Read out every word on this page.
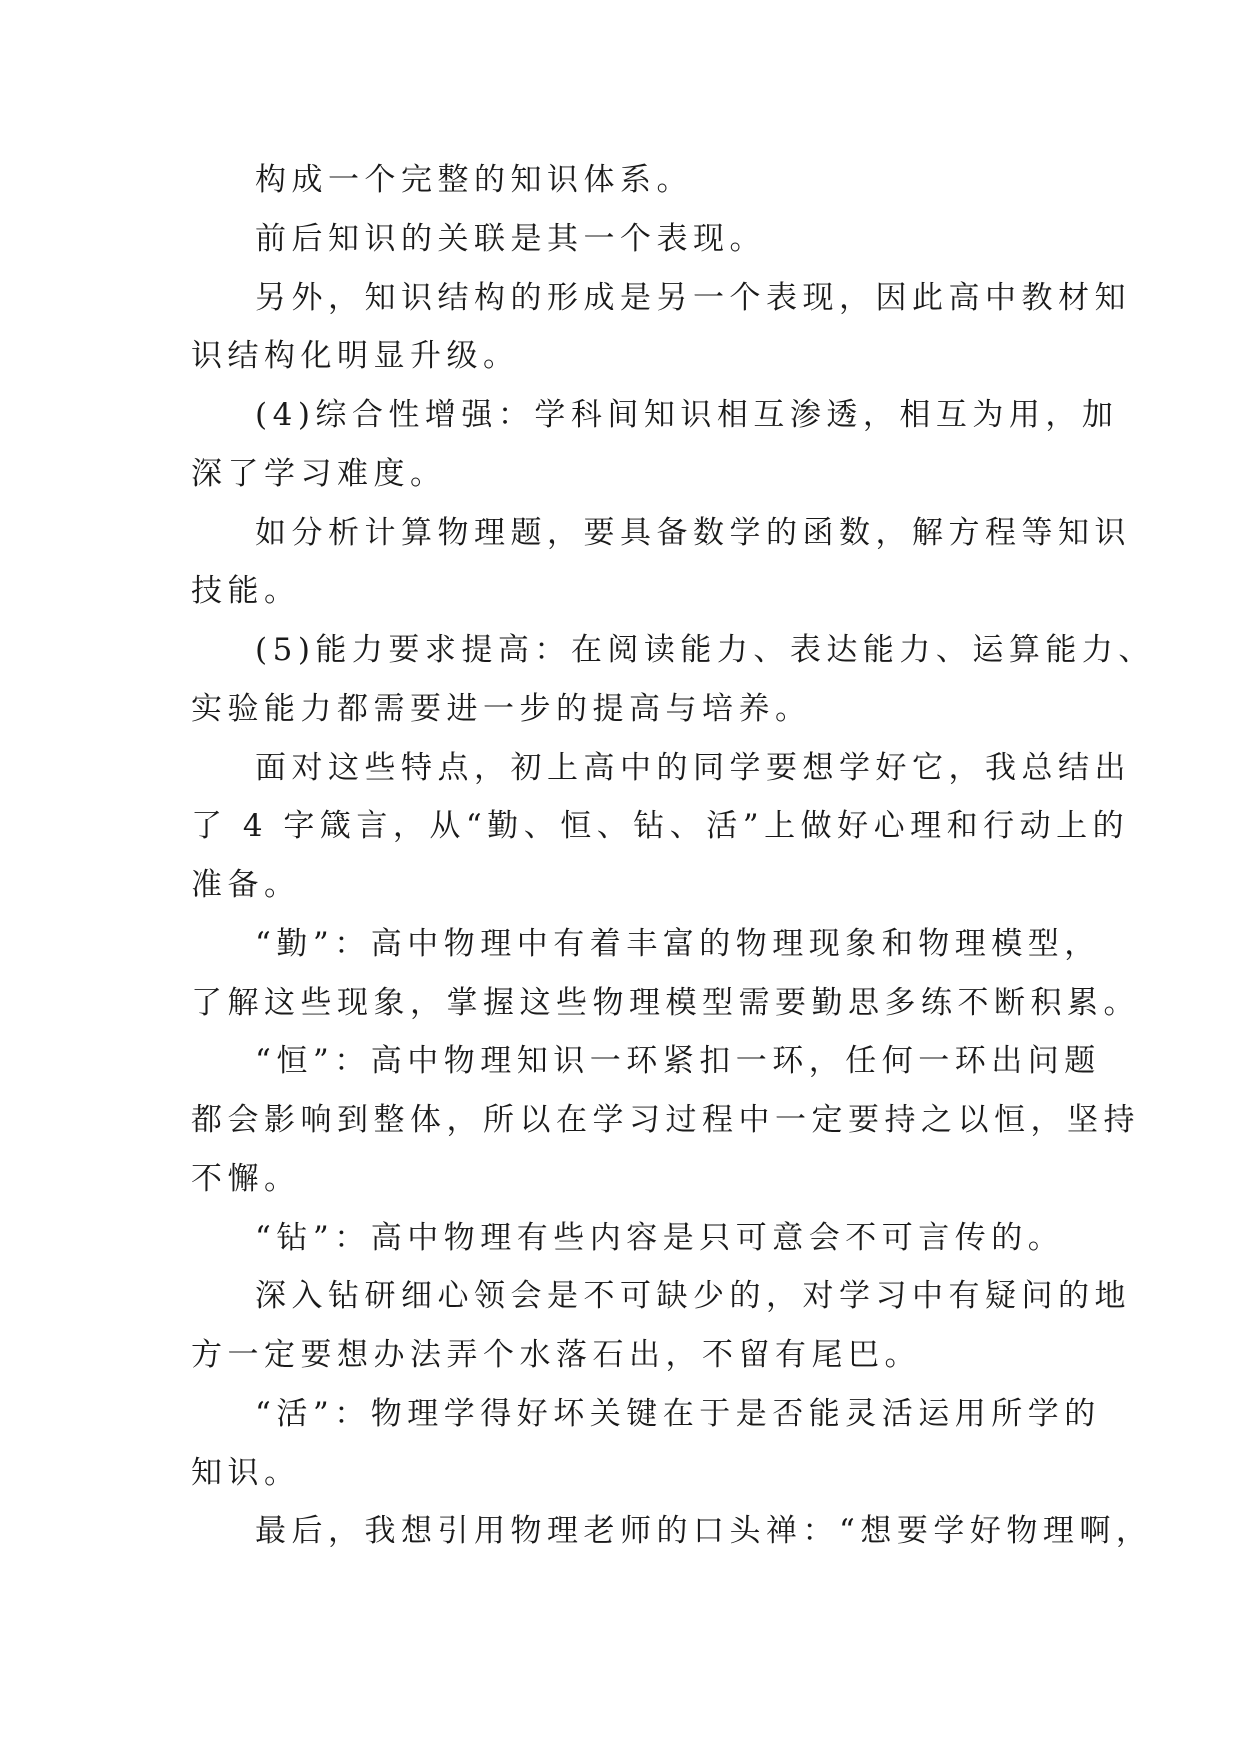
构成一个完整的知识体系。
前后知识的关联是其一个表现。
另外，知识结构的形成是另一个表现，因此高中教材知
识结构化明显升级。
(4)综合性增强：学科间知识相互渗透，相互为用，加
深了学习难度。
如分析计算物理题，要具备数学的函数，解方程等知识
技能。
(5)能力要求提高：在阅读能力、表达能力、运算能力、
实验能力都需要进一步的提高与培养。
面对这些特点，初上高中的同学要想学好它，我总结出
了 4 字箴言，从“勤、恒、钻、活”上做好心理和行动上的
准备。
“勤”：高中物理中有着丰富的物理现象和物理模型，
了解这些现象，掌握这些物理模型需要勤思多练不断积累。
“恒”：高中物理知识一环紧扣一环，任何一环出问题
都会影响到整体，所以在学习过程中一定要持之以恒，坚持
不懈。
“钻”：高中物理有些内容是只可意会不可言传的。
深入钻研细心领会是不可缺少的，对学习中有疑问的地
方一定要想办法弄个水落石出，不留有尾巴。
“活”：物理学得好坏关键在于是否能灵活运用所学的
知识。
最后，我想引用物理老师的口头禅：“想要学好物理啊，
